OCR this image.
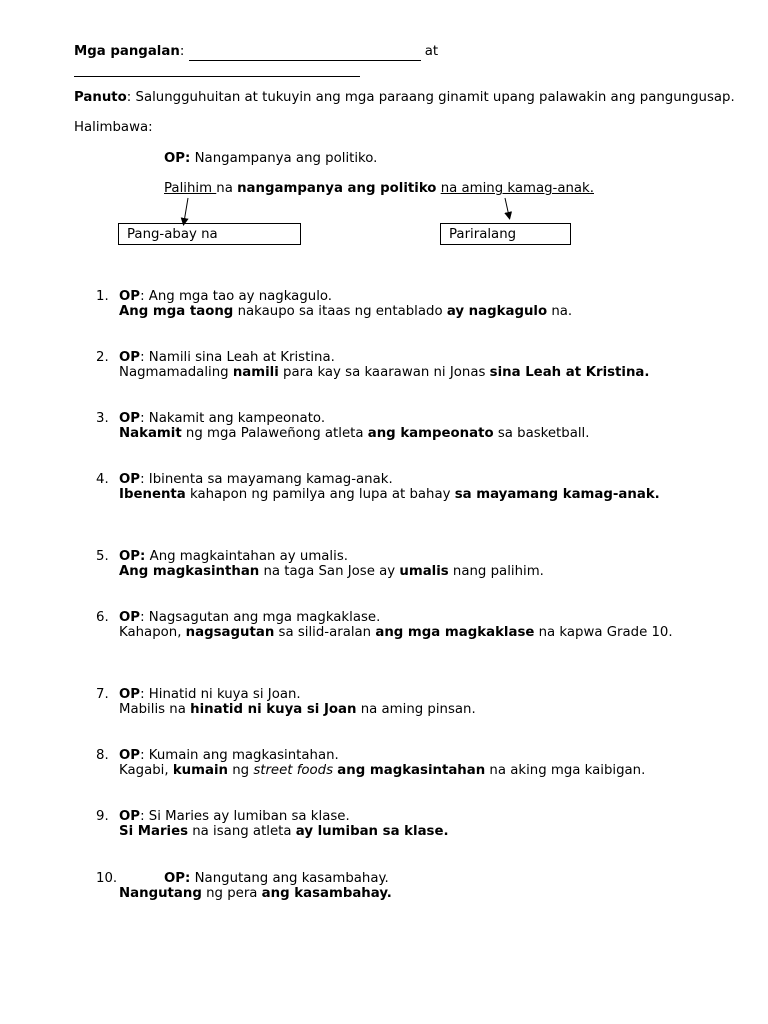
Mga pangalan:	at

Panuto: Salungguhuitan at tukuyin ang mga paraang ginamit upang palawakin ang pangungusap.
Halimbawa:
OP: Nangampanya ang politiko.
Palihim na nangampanya ang politiko na aming kamag-anak.
Pang-abay na	Pariralang
1. OP: Ang mga tao ay nagkagulo.
Ang mga taong nakaupo sa itaas ng entablado ay nagkagulo na.
2. OP: Namili sina Leah at Kristina.
Nagmamadaling namili para kay sa kaarawan ni Jonas sina Leah at Kristina.
3. OP: Nakamit ang kampeonato.
Nakamit ng mga Palaweñong atleta ang kampeonato sa basketball.
4. OP: Ibinenta sa mayamang kamag-anak.
Ibenenta kahapon ng pamilya ang lupa at bahay sa mayamang kamag-anak.
5. OP: Ang magkaintahan ay umalis.
Ang magkasinthan na taga San Jose ay umalis nang palihim.
6. OP: Nagsagutan ang mga magkaklase.
Kahapon, nagsagutan sa silid-aralan ang mga magkaklase na kapwa Grade 10.
7. OP: Hinatid ni kuya si Joan.
Mabilis na hinatid ni kuya si Joan na aming pinsan.
8. OP: Kumain ang magkasintahan.
Kagabi, kumain ng street foods ang magkasintahan na aking mga kaibigan.
9. OP: Si Maries ay lumiban sa klase.
Si Maries na isang atleta ay lumiban sa klase.
10.	OP: Nangutang ang kasambahay.
Nangutang ng pera ang kasambahay.
